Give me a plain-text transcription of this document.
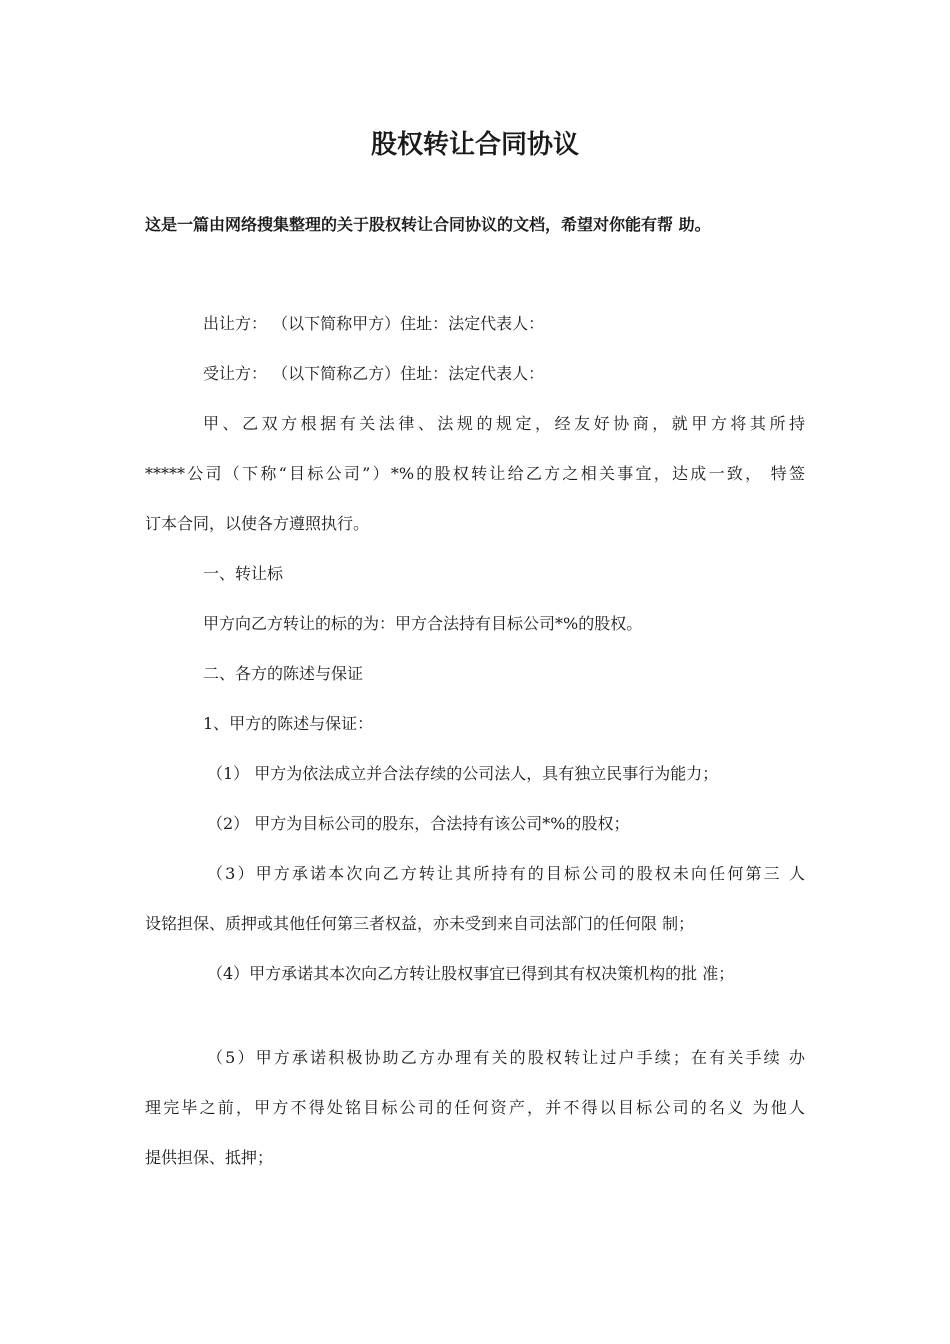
股权转让合同协议

这是一篇由网络搜集整理的关于股权转让合同协议的文档，希望对你能有帮 助。

出让方： （以下简称甲方）住址：法定代表人：

受让方： （以下简称乙方）住址：法定代表人：

甲、乙双方根据有关法律、法规的规定，经友好协商，就甲方将其所持

*****公司（下称“目标公司”）*%的股权转让给乙方之相关事宜，达成一致， 特签

订本合同，以使各方遵照执行。

一、转让标

甲方向乙方转让的标的为：甲方合法持有目标公司*%的股权。

二、各方的陈述与保证

1、甲方的陈述与保证：

（1） 甲方为依法成立并合法存续的公司法人，具有独立民事行为能力；

（2） 甲方为目标公司的股东，合法持有该公司*%的股权；

（3）甲方承诺本次向乙方转让其所持有的目标公司的股权未向任何第三 人

设铭担保、质押或其他任何第三者权益，亦未受到来自司法部门的任何限 制；

（4）甲方承诺其本次向乙方转让股权事宜已得到其有权决策机构的批 准；

（5）甲方承诺积极协助乙方办理有关的股权转让过户手续；在有关手续 办

理完毕之前，甲方不得处铭目标公司的任何资产，并不得以目标公司的名义 为他人

提供担保、抵押；
